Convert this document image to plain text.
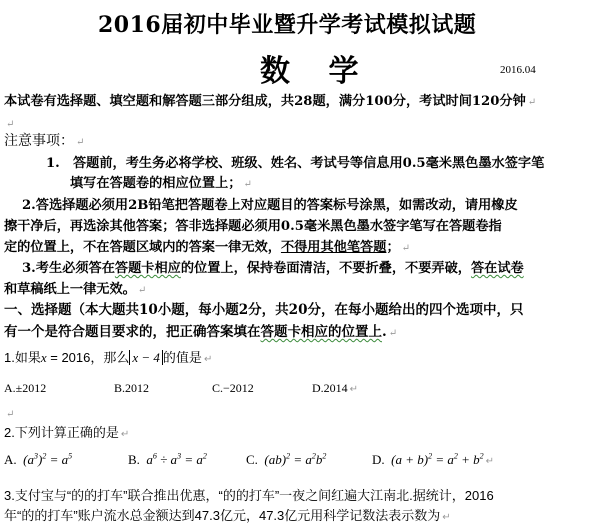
2016届初中毕业暨升学考试模拟试题
数 学	2016.04
本试卷有选择题、填空题和解答题三部分组成，共28题，满分100分，考试时间120分钟 ↵
↵
注意事项： ↵
1.　答题前，考生务必将学校、班级、姓名、考试号等信息用0.5毫米黑色墨水签字笔
填写在答题卷的相应位置上； ↵
2.答选择题必须用2B铅笔把答题卷上对应题目的答案标号涂黑，如需改动，请用橡皮
擦干净后，再选涂其他答案；答非选择题必须用0.5毫米黑色墨水签字笔写在答题卷指
定的位置上，不在答题区域内的答案一律无效，不得用其他笔答题； ↵
3.考生必须答在答题卡相应的位置上，保持卷面清洁，不要折叠，不要弄破，答在试卷
和草稿纸上一律无效。 ↵
一、选择题（本大题共10小题，每小题2分，共20分，在每小题给出的四个选项中，只
有一个是符合题目要求的，把正确答案填在答题卡相应的位置上. ↵
1.如果x = 2016，那么 x − 4 的值是 ↵
A.±2012	B.2012	C.−2012	D.2014 ↵
↵
2.下列计算正确的是 ↵
A.  $(a^3)^2 = a^5$	B.  $a^6 \div a^3 = a^2$	C.  $(ab)^2 = a^2b^2$	D.  $(a + b)^2 = a^2 + b^2$ ↵
3.支付宝与“的的打车”联合推出优惠，“的的打车”一夜之间红遍大江南北.据统计，2016
年“的的打车”账户流水总金额达到47.3亿元，47.3亿元用科学记数法表示数为 ↵
